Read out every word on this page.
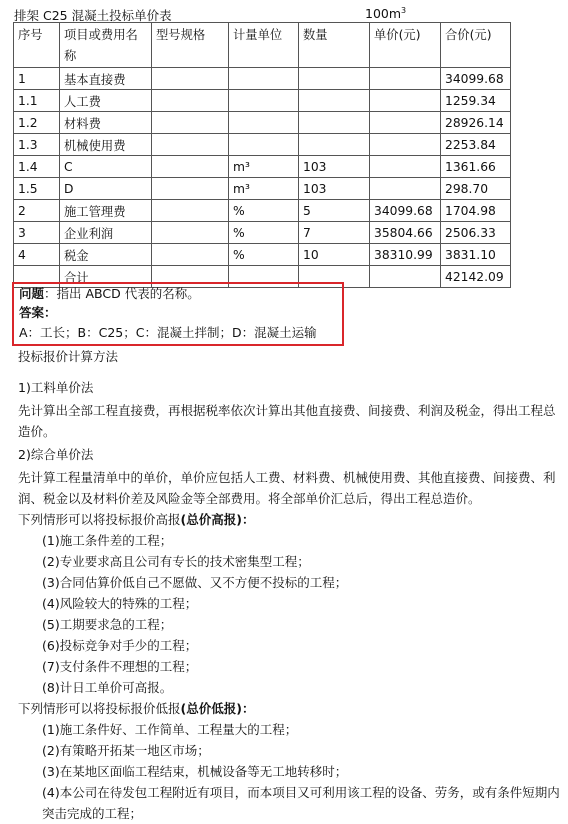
排架 C25 混凝土投标单价表	$100m^3$
序号	项目或费用名称	型号规格	计量单位	数量	单价(元)	合价(元)
1	基本直接费					34099.68
1.1	人工费					1259.34
1.2	材料费					28926.14
1.3	机械使用费					2253.84
1.4	C		m³	103		1361.66
1.5	D		m³	103		298.70
2	施工管理费		%	5	34099.68	1704.98
3	企业利润		%	7	35804.66	2506.33
4	税金		%	10	38310.99	3831.10
	合计					42142.09
问题：指出 ABCD 代表的名称。
答案：
A：工长；B：C25；C：混凝土拌制；D：混凝土运输

投标报价计算方法

1)工料单价法

先计算出全部工程直接费，再根据税率依次计算出其他直接费、间接费、利润及税金，得出工程总造价。

2)综合单价法

先计算工程量清单中的单价，单价应包括人工费、材料费、机械使用费、其他直接费、间接费、利润、税金以及材料价差及风险金等全部费用。将全部单价汇总后，得出工程总造价。

下列情形可以将投标报价高报(总价高报)：

(1)施工条件差的工程；

(2)专业要求高且公司有专长的技术密集型工程；

(3)合同估算价低自己不愿做、又不方便不投标的工程；

(4)风险较大的特殊的工程；

(5)工期要求急的工程；

(6)投标竞争对手少的工程；

(7)支付条件不理想的工程；

(8)计日工单价可高报。

下列情形可以将投标报价低报(总价低报)：

(1)施工条件好、工作简单、工程量大的工程；

(2)有策略开拓某一地区市场；

(3)在某地区面临工程结束，机械设备等无工地转移时；

(4)本公司在待发包工程附近有项目，而本项目又可利用该工程的设备、劳务，或有条件短期内突击完成的工程；
